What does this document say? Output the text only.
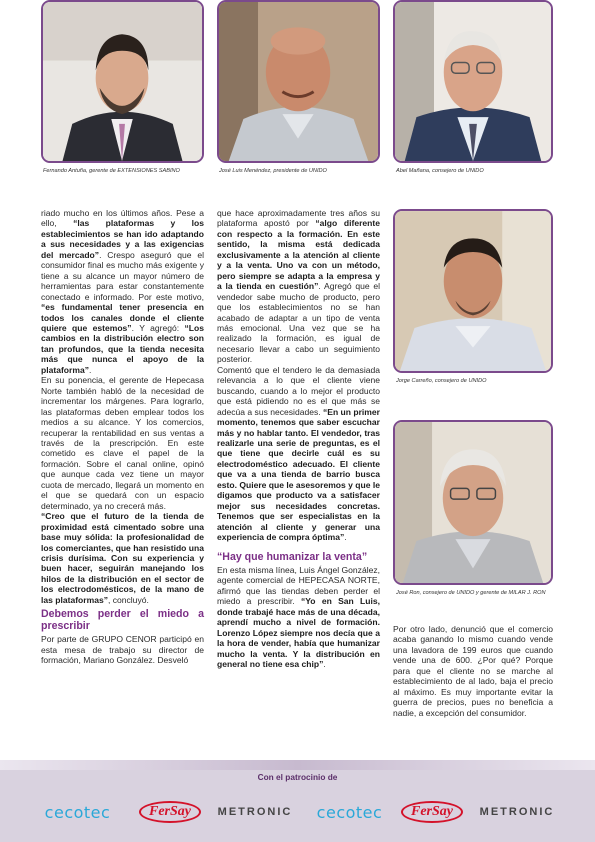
Fernando Antuña, gerente de EXTENSIONES SABINO	José Luis Menéndez, presidente de UNIDO	Abel Mañana, consejero de UNIDO
Jorge Carreño, consejero de UNIDO
José Ron, consejero de UNIDO y gerente de MILAR J. RON

riado mucho en los últimos años. Pese a ello, “las plataformas y los establecimientos se han ido adaptando a sus necesidades y a las exigencias del mercado”. Crespo aseguró que el consumidor final es mucho más exigente y tiene a su alcance un mayor número de herramientas para estar constantemente conectado e informado. Por este motivo, “es fundamental tener presencia en todos los canales donde el cliente quiere que estemos”. Y agregó: “Los cambios en la distribución electro son tan profundos, que la tienda necesita más que nunca el apoyo de la plataforma”.

En su ponencia, el gerente de Hepecasa Norte también habló de la necesidad de incrementar los márgenes. Para lograrlo, las plataformas deben emplear todos los medios a su alcance. Y los comercios, recuperar la rentabilidad en sus ventas a través de la prescripción. En este cometido es clave el papel de la formación. Sobre el canal online, opinó que aunque cada vez tiene un mayor cuota de mercado, llegará un momento en el que se quedará con un espacio determinado, ya no crecerá más.

“Creo que el futuro de la tienda de proximidad está cimentado sobre una base muy sólida: la profesionalidad de los comerciantes, que han resistido una crisis durísima. Con su experiencia y buen hacer, seguirán manejando los hilos de la distribución en el sector de los electrodomésticos, de la mano de las plataformas”, concluyó.

Debemos perder el miedo a prescribir

Por parte de GRUPO CENOR participó en esta mesa de trabajo su director de formación, Mariano González. Desveló

que hace aproximadamente tres años su plataforma apostó por “algo diferente con respecto a la formación. En este sentido, la misma está dedicada exclusivamente a la atención al cliente y a la venta. Uno va con un método, pero siempre se adapta a la empresa y a la tienda en cuestión”. Agregó que el vendedor sabe mucho de producto, pero que los establecimientos no se han acabado de adaptar a un tipo de venta más emocional. Una vez que se ha realizado la formación, es igual de necesario llevar a cabo un seguimiento posterior.

Comentó que el tendero le da demasiada relevancia a lo que el cliente viene buscando, cuando a lo mejor el producto que está pidiendo no es el que más se adecúa a sus necesidades. “En un primer momento, tenemos que saber escuchar más y no hablar tanto. El vendedor, tras realizarle una serie de preguntas, es el que tiene que decirle cuál es su electrodoméstico adecuado. El cliente que va a una tienda de barrio busca esto. Quiere que le asesoremos y que le digamos que producto va a satisfacer mejor sus necesidades concretas. Tenemos que ser especialistas en la atención al cliente y generar una experiencia de compra óptima”.

“Hay que humanizar la venta”

En esta misma línea, Luis Ángel González, agente comercial de HEPECASA NORTE, afirmó que las tiendas deben perder el miedo a prescribir. “Yo en San Luis, donde trabajé hace más de una década, aprendí mucho a nivel de formación. Lorenzo López siempre nos decía que a la hora de vender, había que humanizar mucho la venta. Y la distribución en general no tiene esa chip”.

Por otro lado, denunció que el comercio acaba ganando lo mismo cuando vende una lavadora de 199 euros que cuando vende una de 600. ¿Por qué? Porque para que el cliente no se marche al establecimiento de al lado, baja el precio al máximo. Es muy importante evitar la guerra de precios, pues no beneficia a nadie, a excepción del consumidor.

Con el patrocinio de
cecotec	FerSay	METRONIC	cecotec	FerSay	METRONIC
